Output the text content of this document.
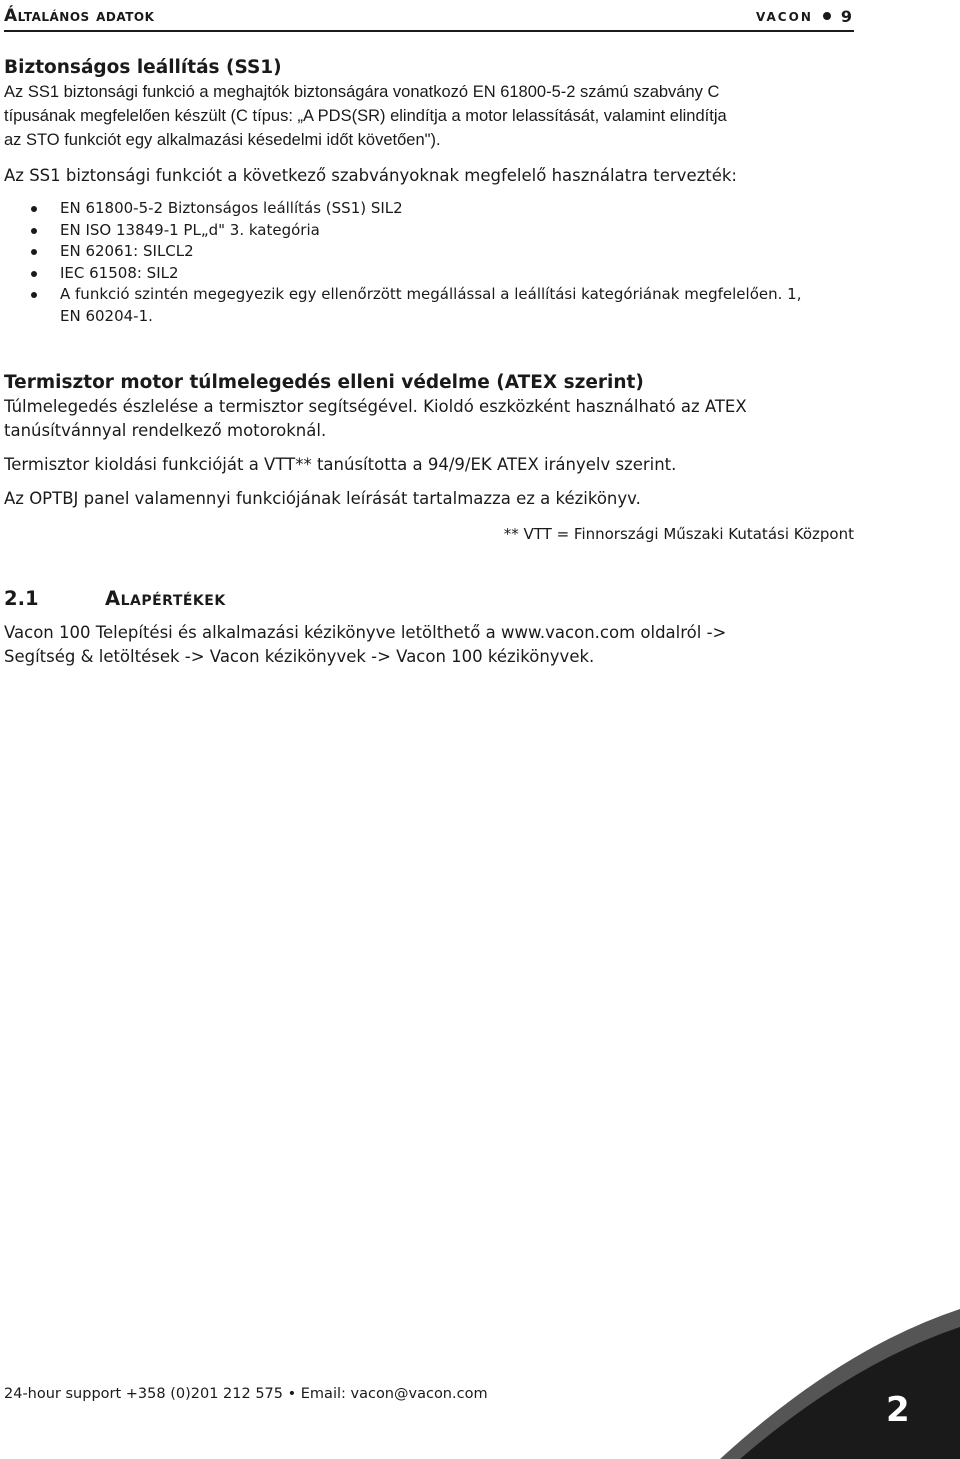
Általános adatok	vacon 9
Biztonságos leállítás (SS1)

Az SS1 biztonsági funkció a meghajtók biztonságára vonatkozó EN 61800-5-2 számú szabvány C

típusának megfelelően készült (C típus: „A PDS(SR) elindítja a motor lelassítását, valamint elindítja

az STO funkciót egy alkalmazási késedelmi időt követően").

Az SS1 biztonsági funkciót a következő szabványoknak megfelelő használatra tervezték:

EN 61800-5-2 Biztonságos leállítás (SS1) SIL2
EN ISO 13849-1 PL„d" 3. kategória
EN 62061: SILCL2
IEC 61508: SIL2
A funkció szintén megegyezik egy ellenőrzött megállással a leállítási kategóriának megfelelően. 1,
EN 60204-1.
Termisztor motor túlmelegedés elleni védelme (ATEX szerint)

Túlmelegedés észlelése a termisztor segítségével. Kioldó eszközként használható az ATEX

tanúsítvánnyal rendelkező motoroknál.

Termisztor kioldási funkcióját a VTT** tanúsította a 94/9/EK ATEX irányelv szerint.

Az OPTBJ panel valamennyi funkciójának leírását tartalmazza ez a kézikönyv.

** VTT = Finnországi Műszaki Kutatási Központ
2.1	Alapértékek

Vacon 100 Telepítési és alkalmazási kézikönyve letölthető a www.vacon.com oldalról ->

Segítség & letöltések -> Vacon kézikönyvek -> Vacon 100 kézikönyvek.

24-hour support +358 (0)201 212 575 • Email: vacon@vacon.com	2
